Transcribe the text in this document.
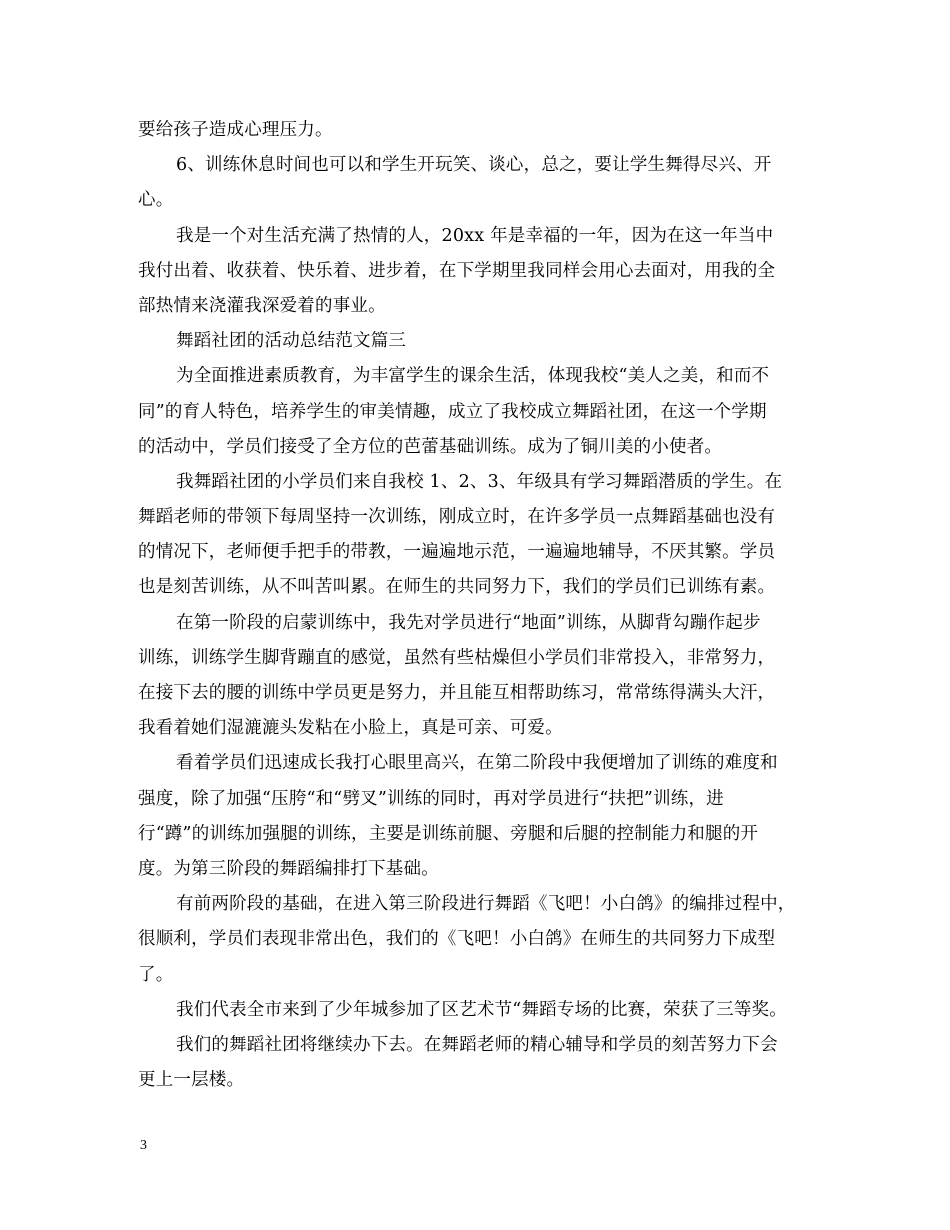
要给孩子造成心理压力。
6、训练休息时间也可以和学生开玩笑、谈心，总之，要让学生舞得尽兴、开
心。
我是一个对生活充满了热情的人，20xx 年是幸福的一年，因为在这一年当中
我付出着、收获着、快乐着、进步着，在下学期里我同样会用心去面对，用我的全
部热情来浇灌我深爱着的事业。
舞蹈社团的活动总结范文篇三
为全面推进素质教育，为丰富学生的课余生活，体现我校“美人之美，和而不
同”的育人特色，培养学生的审美情趣，成立了我校成立舞蹈社团，在这一个学期
的活动中，学员们接受了全方位的芭蕾基础训练。成为了铜川美的小使者。
我舞蹈社团的小学员们来自我校 1、2、3、年级具有学习舞蹈潜质的学生。在
舞蹈老师的带领下每周坚持一次训练，刚成立时，在许多学员一点舞蹈基础也没有
的情况下，老师便手把手的带教，一遍遍地示范，一遍遍地辅导，不厌其繁。学员
也是刻苦训练，从不叫苦叫累。在师生的共同努力下，我们的学员们已训练有素。
在第一阶段的启蒙训练中，我先对学员进行“地面”训练，从脚背勾蹦作起步
训练，训练学生脚背蹦直的感觉，虽然有些枯燥但小学员们非常投入，非常努力，
在接下去的腰的训练中学员更是努力，并且能互相帮助练习，常常练得满头大汗，
我看着她们湿漉漉头发粘在小脸上，真是可亲、可爱。
看着学员们迅速成长我打心眼里高兴，在第二阶段中我便增加了训练的难度和
强度，除了加强“压胯“和“劈叉”训练的同时，再对学员进行“扶把”训练，进
行“蹲”的训练加强腿的训练，主要是训练前腿、旁腿和后腿的控制能力和腿的开
度。为第三阶段的舞蹈编排打下基础。
有前两阶段的基础，在进入第三阶段进行舞蹈《飞吧！小白鸽》的编排过程中，
很顺利，学员们表现非常出色，我们的《飞吧！小白鸽》在师生的共同努力下成型
了。
我们代表全市来到了少年城参加了区艺术节“舞蹈专场的比赛，荣获了三等奖。
我们的舞蹈社团将继续办下去。在舞蹈老师的精心辅导和学员的刻苦努力下会
更上一层楼。
3
